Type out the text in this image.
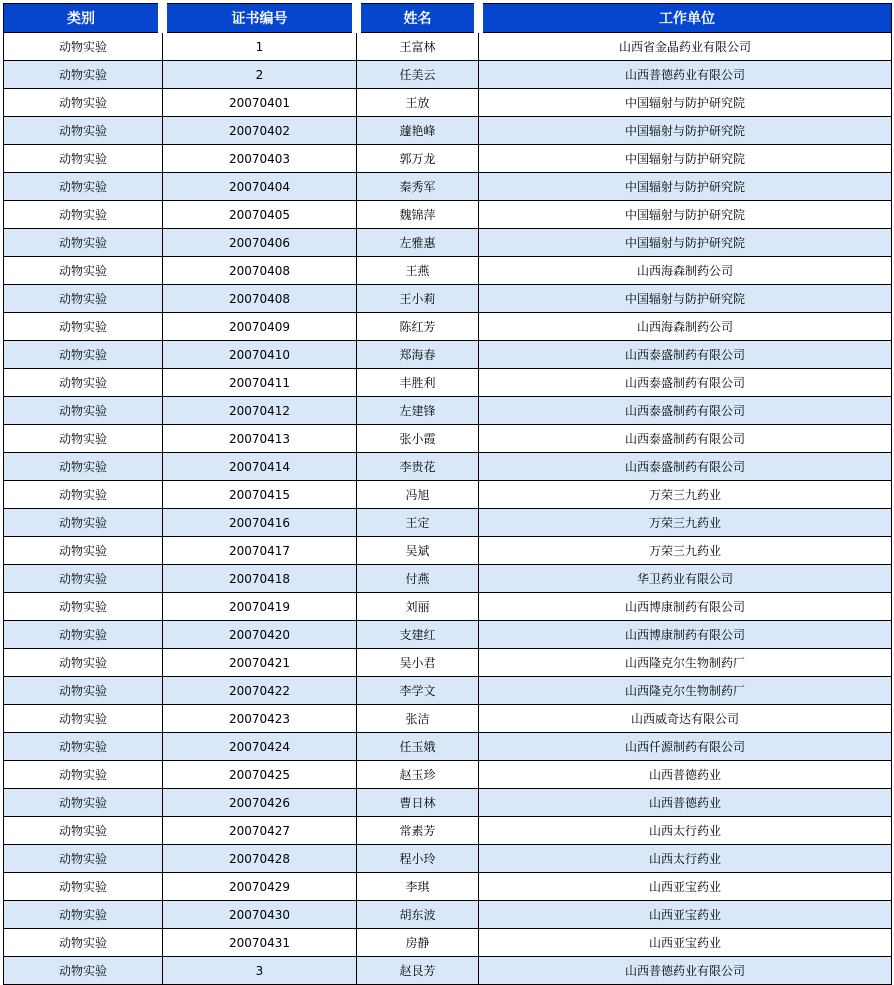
类别	证书编号	姓名	工作单位
动物实验	1	王富林	山西省金晶药业有限公司
动物实验	2	任美云	山西普德药业有限公司
动物实验	20070401	王放	中国辐射与防护研究院
动物实验	20070402	蘧艳峰	中国辐射与防护研究院
动物实验	20070403	郭万龙	中国辐射与防护研究院
动物实验	20070404	秦秀军	中国辐射与防护研究院
动物实验	20070405	魏锦萍	中国辐射与防护研究院
动物实验	20070406	左雅惠	中国辐射与防护研究院
动物实验	20070408	王燕	山西海森制药公司
动物实验	20070408	王小莉	中国辐射与防护研究院
动物实验	20070409	陈红芳	山西海森制药公司
动物实验	20070410	郑海春	山西泰盛制药有限公司
动物实验	20070411	丰胜利	山西泰盛制药有限公司
动物实验	20070412	左建锋	山西泰盛制药有限公司
动物实验	20070413	张小霞	山西泰盛制药有限公司
动物实验	20070414	李贵花	山西泰盛制药有限公司
动物实验	20070415	冯旭	万荣三九药业
动物实验	20070416	王定	万荣三九药业
动物实验	20070417	吴斌	万荣三九药业
动物实验	20070418	付燕	华卫药业有限公司
动物实验	20070419	刘丽	山西博康制药有限公司
动物实验	20070420	支建红	山西博康制药有限公司
动物实验	20070421	吴小君	山西隆克尔生物制药厂
动物实验	20070422	李学文	山西隆克尔生物制药厂
动物实验	20070423	张洁	山西威奇达有限公司
动物实验	20070424	任玉娥	山西仟源制药有限公司
动物实验	20070425	赵玉珍	山西普德药业
动物实验	20070426	曹日林	山西普德药业
动物实验	20070427	常素芳	山西太行药业
动物实验	20070428	程小玲	山西太行药业
动物实验	20070429	李琪	山西亚宝药业
动物实验	20070430	胡东波	山西亚宝药业
动物实验	20070431	房静	山西亚宝药业
动物实验	3	赵艮芳	山西普德药业有限公司
